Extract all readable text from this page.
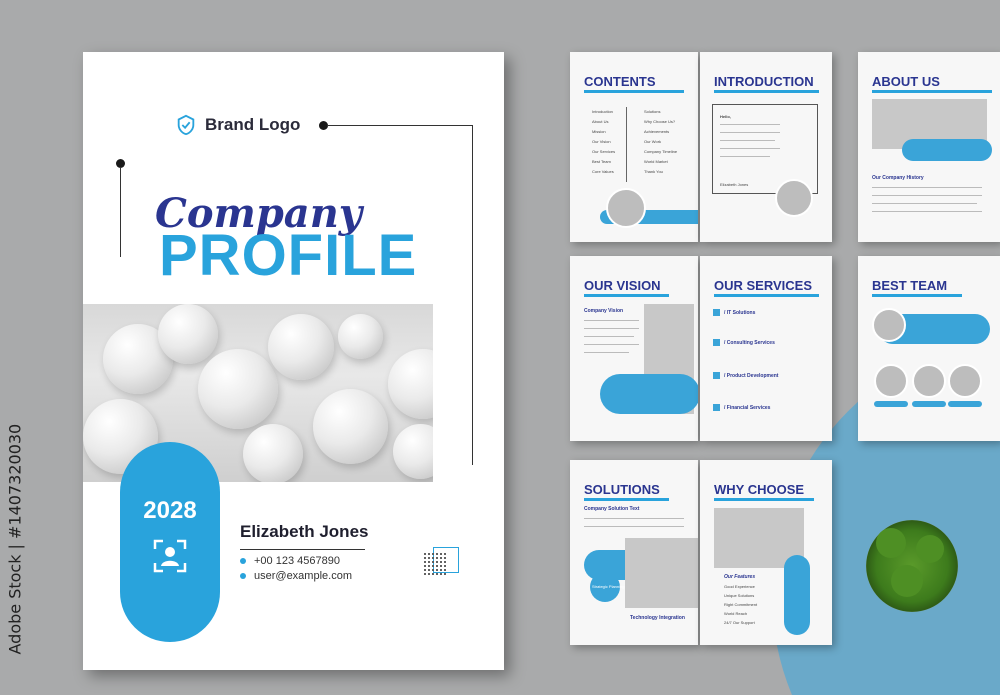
Adobe Stock | #1407320030
Brand Logo
Company
PROFILE
2028
Elizabeth Jones
+00 123 4567890
user@example.com
CONTENTS
Introduction
About Us
Mission
Our Vision
Our Services
Best Team
Core Values
Solutions
Why Choose Us?
Achievements
Our Work
Company Timeline
World Market
Thank You
INTRODUCTION
Hello,
Elizabeth Jones
ABOUT US
Our Company History
OUR VISION
Company Vision
OUR SERVICES
/ IT Solutions
/ Consulting Services
/ Product Development
/ Financial Services
BEST TEAM
SOLUTIONS
Company Solution Text
Strategic Planning
Technology Integration
WHY CHOOSE
Our Features
Good Experience
Unique Solutions
Right Commitment
World Reach
24/7 Our Support
